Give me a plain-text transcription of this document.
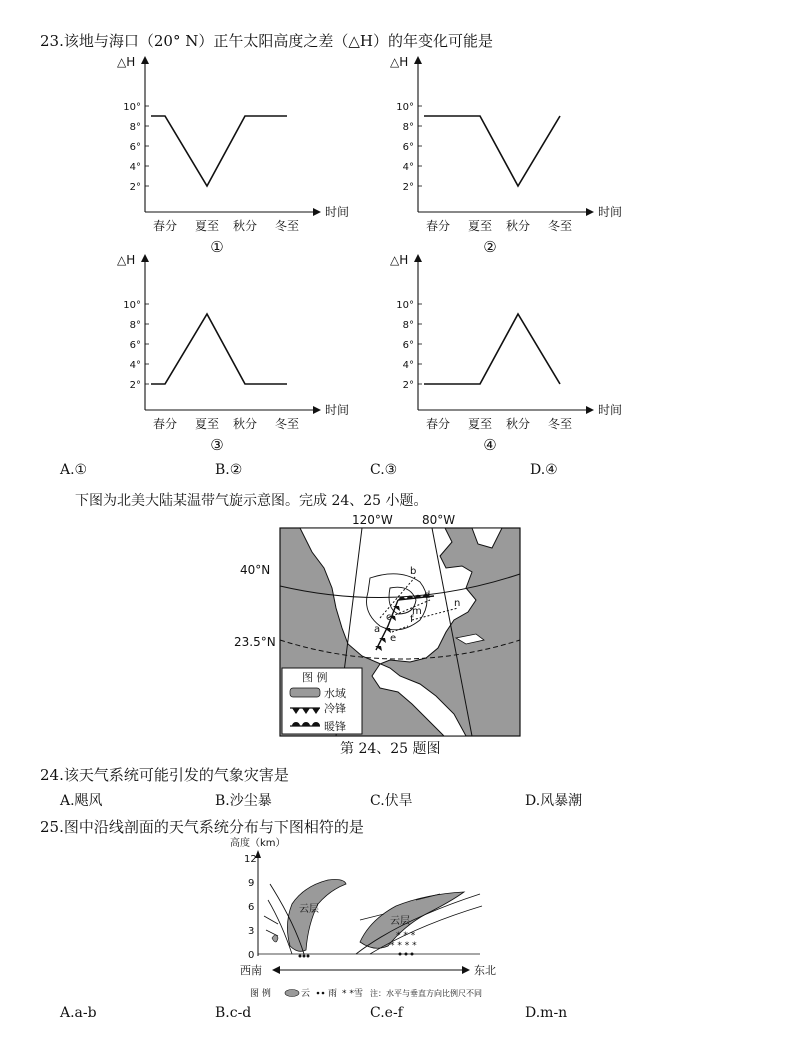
23.该地与海口（20° N）正午太阳高度之差（△H）的年变化可能是
△H
时间
10°
8°
6°
4°
2°
春分 夏至 秋分 冬至
①
△H
时间
10°
8°
6°
4°
2°
春分 夏至 秋分 冬至
②
△H
时间
10°
8°
6°
4°
2°
春分 夏至 秋分 冬至
③
△H
时间
10°
8°
6°
4°
2°
春分 夏至 秋分 冬至
④
A.①	B.②	C.③	D.④
下图为北美大陆某温带气旋示意图。完成 24、25 小题。
120°W 80°W
40°N
23.5°N
a
b
c
d
e
f
m
n
图 例
水域
冷锋
暖锋
第 24、25 题图
24.该天气系统可能引发的气象灾害是
A.飓风	B.沙尘暴	C.伏旱	D.风暴潮
25.图中沿线剖面的天气系统分布与下图相符的是
高度（km）
12
9
6
3
0
云层
云层
* * *
* * * *
西南	东北
图 例	云 雨 * * 雪 注：水平与垂直方向比例尺不同
A.a-b	B.c-d	C.e-f	D.m-n
